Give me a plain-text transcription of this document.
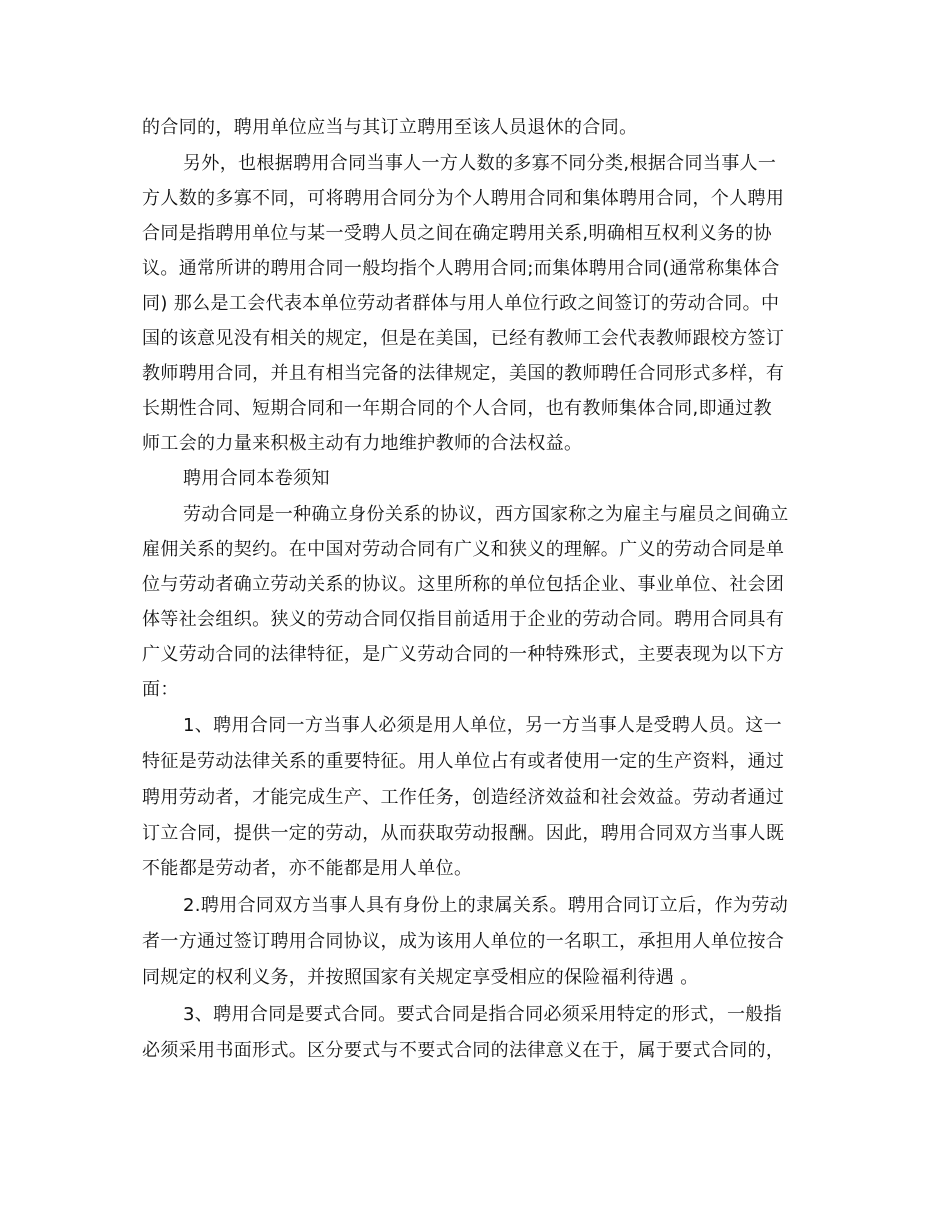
的合同的，聘用单位应当与其订立聘用至该人员退休的合同。
另外，也根据聘用合同当事人一方人数的多寡不同分类,根据合同当事人一
方人数的多寡不同，可将聘用合同分为个人聘用合同和集体聘用合同，个人聘用
合同是指聘用单位与某一受聘人员之间在确定聘用关系,明确相互权利义务的协
议。通常所讲的聘用合同一般均指个人聘用合同;而集体聘用合同(通常称集体合
同) 那么是工会代表本单位劳动者群体与用人单位行政之间签订的劳动合同。中
国的该意见没有相关的规定，但是在美国，已经有教师工会代表教师跟校方签订
教师聘用合同，并且有相当完备的法律规定，美国的教师聘任合同形式多样，有
长期性合同、短期合同和一年期合同的个人合同，也有教师集体合同,即通过教
师工会的力量来积极主动有力地维护教师的合法权益。
聘用合同本卷须知
劳动合同是一种确立身份关系的协议，西方国家称之为雇主与雇员之间确立
雇佣关系的契约。在中国对劳动合同有广义和狭义的理解。广义的劳动合同是单
位与劳动者确立劳动关系的协议。这里所称的单位包括企业、事业单位、社会团
体等社会组织。狭义的劳动合同仅指目前适用于企业的劳动合同。聘用合同具有
广义劳动合同的法律特征，是广义劳动合同的一种特殊形式，主要表现为以下方
面：
1、聘用合同一方当事人必须是用人单位，另一方当事人是受聘人员。这一
特征是劳动法律关系的重要特征。用人单位占有或者使用一定的生产资料，通过
聘用劳动者，才能完成生产、工作任务，创造经济效益和社会效益。劳动者通过
订立合同，提供一定的劳动，从而获取劳动报酬。因此，聘用合同双方当事人既
不能都是劳动者，亦不能都是用人单位。
2.聘用合同双方当事人具有身份上的隶属关系。聘用合同订立后，作为劳动
者一方通过签订聘用合同协议，成为该用人单位的一名职工，承担用人单位按合
同规定的权利义务，并按照国家有关规定享受相应的保险福利待遇 。
3、聘用合同是要式合同。要式合同是指合同必须采用特定的形式，一般指
必须采用书面形式。区分要式与不要式合同的法律意义在于，属于要式合同的，
